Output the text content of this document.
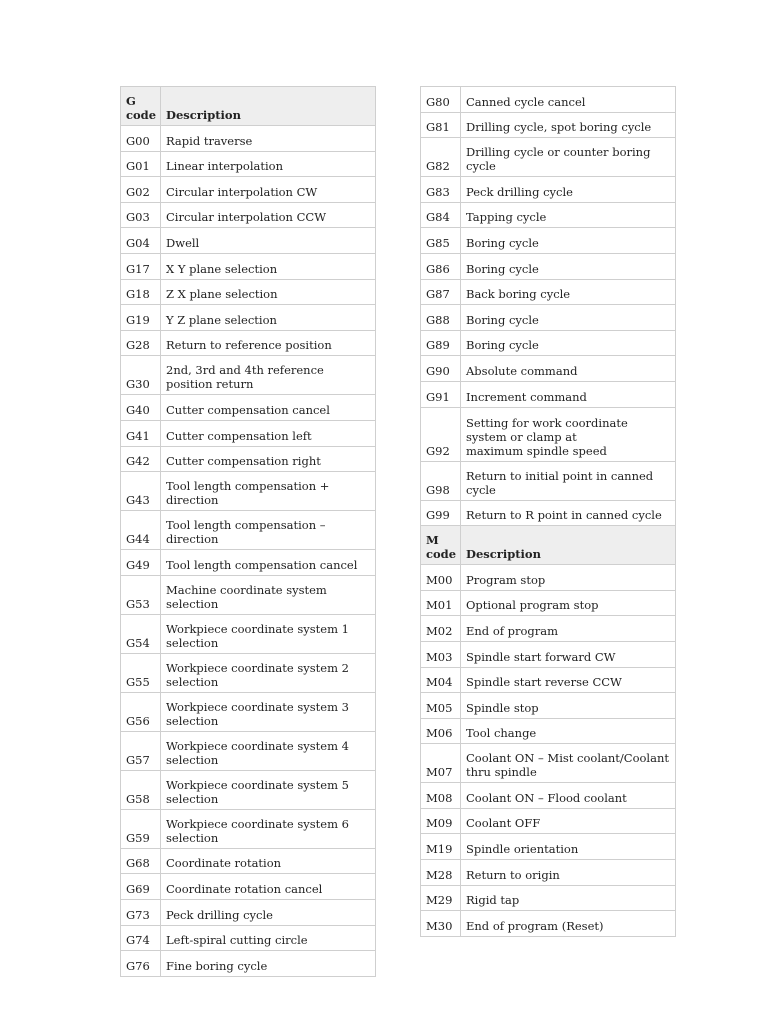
G
code	Description
G00	Rapid traverse
G01	Linear interpolation
G02	Circular interpolation CW
G03	Circular interpolation CCW
G04	Dwell
G17	X Y plane selection
G18	Z X plane selection
G19	Y Z plane selection
G28	Return to reference position
G30	2nd, 3rd and 4th reference position return
G40	Cutter compensation cancel
G41	Cutter compensation left
G42	Cutter compensation right
G43	Tool length compensation + direction
G44	Tool length compensation – direction
G49	Tool length compensation cancel
G53	Machine coordinate system selection
G54	Workpiece coordinate system 1 selection
G55	Workpiece coordinate system 2 selection
G56	Workpiece coordinate system 3 selection
G57	Workpiece coordinate system 4 selection
G58	Workpiece coordinate system 5 selection
G59	Workpiece coordinate system 6 selection
G68	Coordinate rotation
G69	Coordinate rotation cancel
G73	Peck drilling cycle
G74	Left-spiral cutting circle
G76	Fine boring cycle
G80	Canned cycle cancel
G81	Drilling cycle, spot boring cycle
G82	Drilling cycle or counter boring cycle
G83	Peck drilling cycle
G84	Tapping cycle
G85	Boring cycle
G86	Boring cycle
G87	Back boring cycle
G88	Boring cycle
G89	Boring cycle
G90	Absolute command
G91	Increment command
G92	Setting for work coordinate system or clamp at
maximum spindle speed
G98	Return to initial point in canned cycle
G99	Return to R point in canned cycle
M
code	Description
M00	Program stop
M01	Optional program stop
M02	End of program
M03	Spindle start forward CW
M04	Spindle start reverse CCW
M05	Spindle stop
M06	Tool change
M07	Coolant ON – Mist coolant/Coolant thru spindle
M08	Coolant ON – Flood coolant
M09	Coolant OFF
M19	Spindle orientation
M28	Return to origin
M29	Rigid tap
M30	End of program (Reset)
